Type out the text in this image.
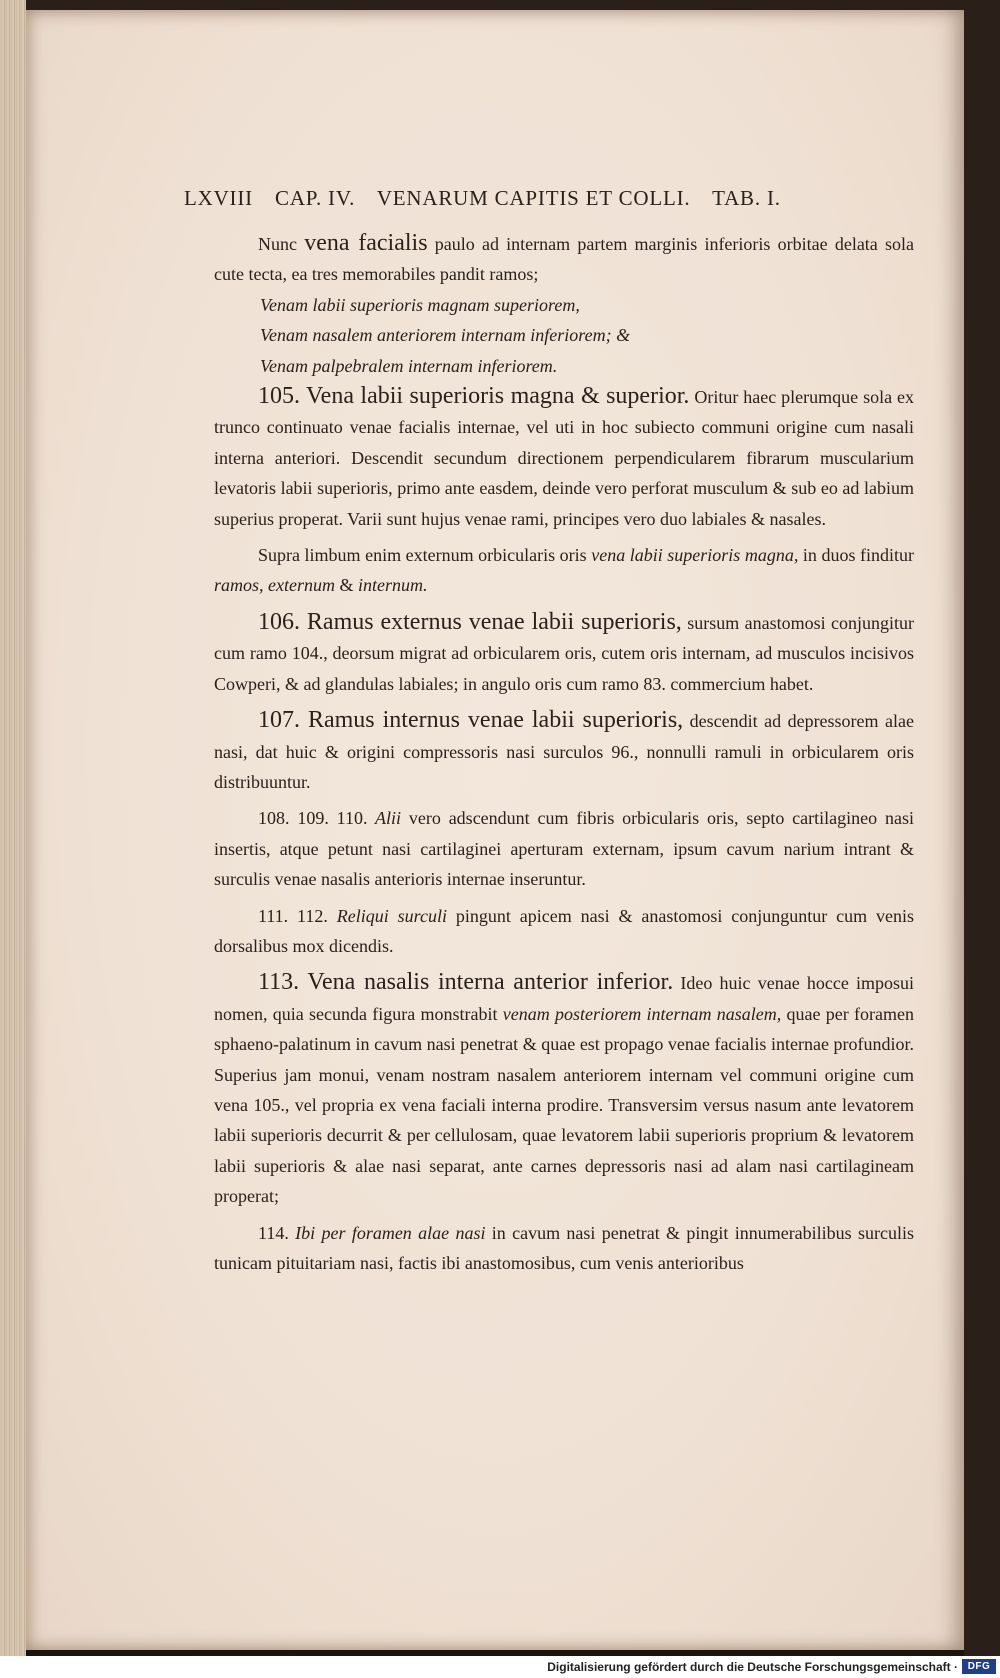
LXVIII CAP. IV. VENARUM CAPITIS ET COLLI. TAB. I.

Nunc vena facialis paulo ad internam partem marginis inferioris orbitae delata sola cute tecta, ea tres memorabiles pandit ramos;

Venam labii superioris magnam superiorem,

Venam nasalem anteriorem internam inferiorem; &

Venam palpebralem internam inferiorem.

105. Vena labii superioris magna & superior. Oritur haec plerumque sola ex trunco continuato venae facialis internae, vel uti in hoc subiecto communi origine cum nasali interna anteriori. Descendit secundum directionem perpendicularem fibrarum muscularium levatoris labii superioris, primo ante easdem, deinde vero perforat musculum & sub eo ad labium superius properat. Varii sunt hujus venae rami, principes vero duo labiales & nasales.

Supra limbum enim externum orbicularis oris vena labii superioris magna, in duos finditur ramos, externum & internum.

106. Ramus externus venae labii superioris, sursum anastomosi conjungitur cum ramo 104., deorsum migrat ad orbicularem oris, cutem oris internam, ad musculos incisivos Cowperi, & ad glandulas labiales; in angulo oris cum ramo 83. commercium habet.

107. Ramus internus venae labii superioris, descendit ad depressorem alae nasi, dat huic & origini compressoris nasi surculos 96., nonnulli ramuli in orbicularem oris distribuuntur.

108. 109. 110. Alii vero adscendunt cum fibris orbicularis oris, septo cartilagineo nasi insertis, atque petunt nasi cartilaginei aperturam externam, ipsum cavum narium intrant & surculis venae nasalis anterioris internae inseruntur.

111. 112. Reliqui surculi pingunt apicem nasi & anastomosi conjunguntur cum venis dorsalibus mox dicendis.

113. Vena nasalis interna anterior inferior. Ideo huic venae hocce imposui nomen, quia secunda figura monstrabit venam posteriorem internam nasalem, quae per foramen sphaeno-palatinum in cavum nasi penetrat & quae est propago venae facialis internae profundior. Superius jam monui, venam nostram nasalem anteriorem internam vel communi origine cum vena 105., vel propria ex vena faciali interna prodire. Transversim versus nasum ante levatorem labii superioris decurrit & per cellulosam, quae levatorem labii superioris proprium & levatorem labii superioris & alae nasi separat, ante carnes depressoris nasi ad alam nasi cartilagineam properat;

114. Ibi per foramen alae nasi in cavum nasi penetrat & pingit innumerabilibus surculis tunicam pituitariam nasi, factis ibi anastomosibus, cum venis anterioribus

Digitalisierung gefördert durch die Deutsche Forschungsgemeinschaft · DFG
